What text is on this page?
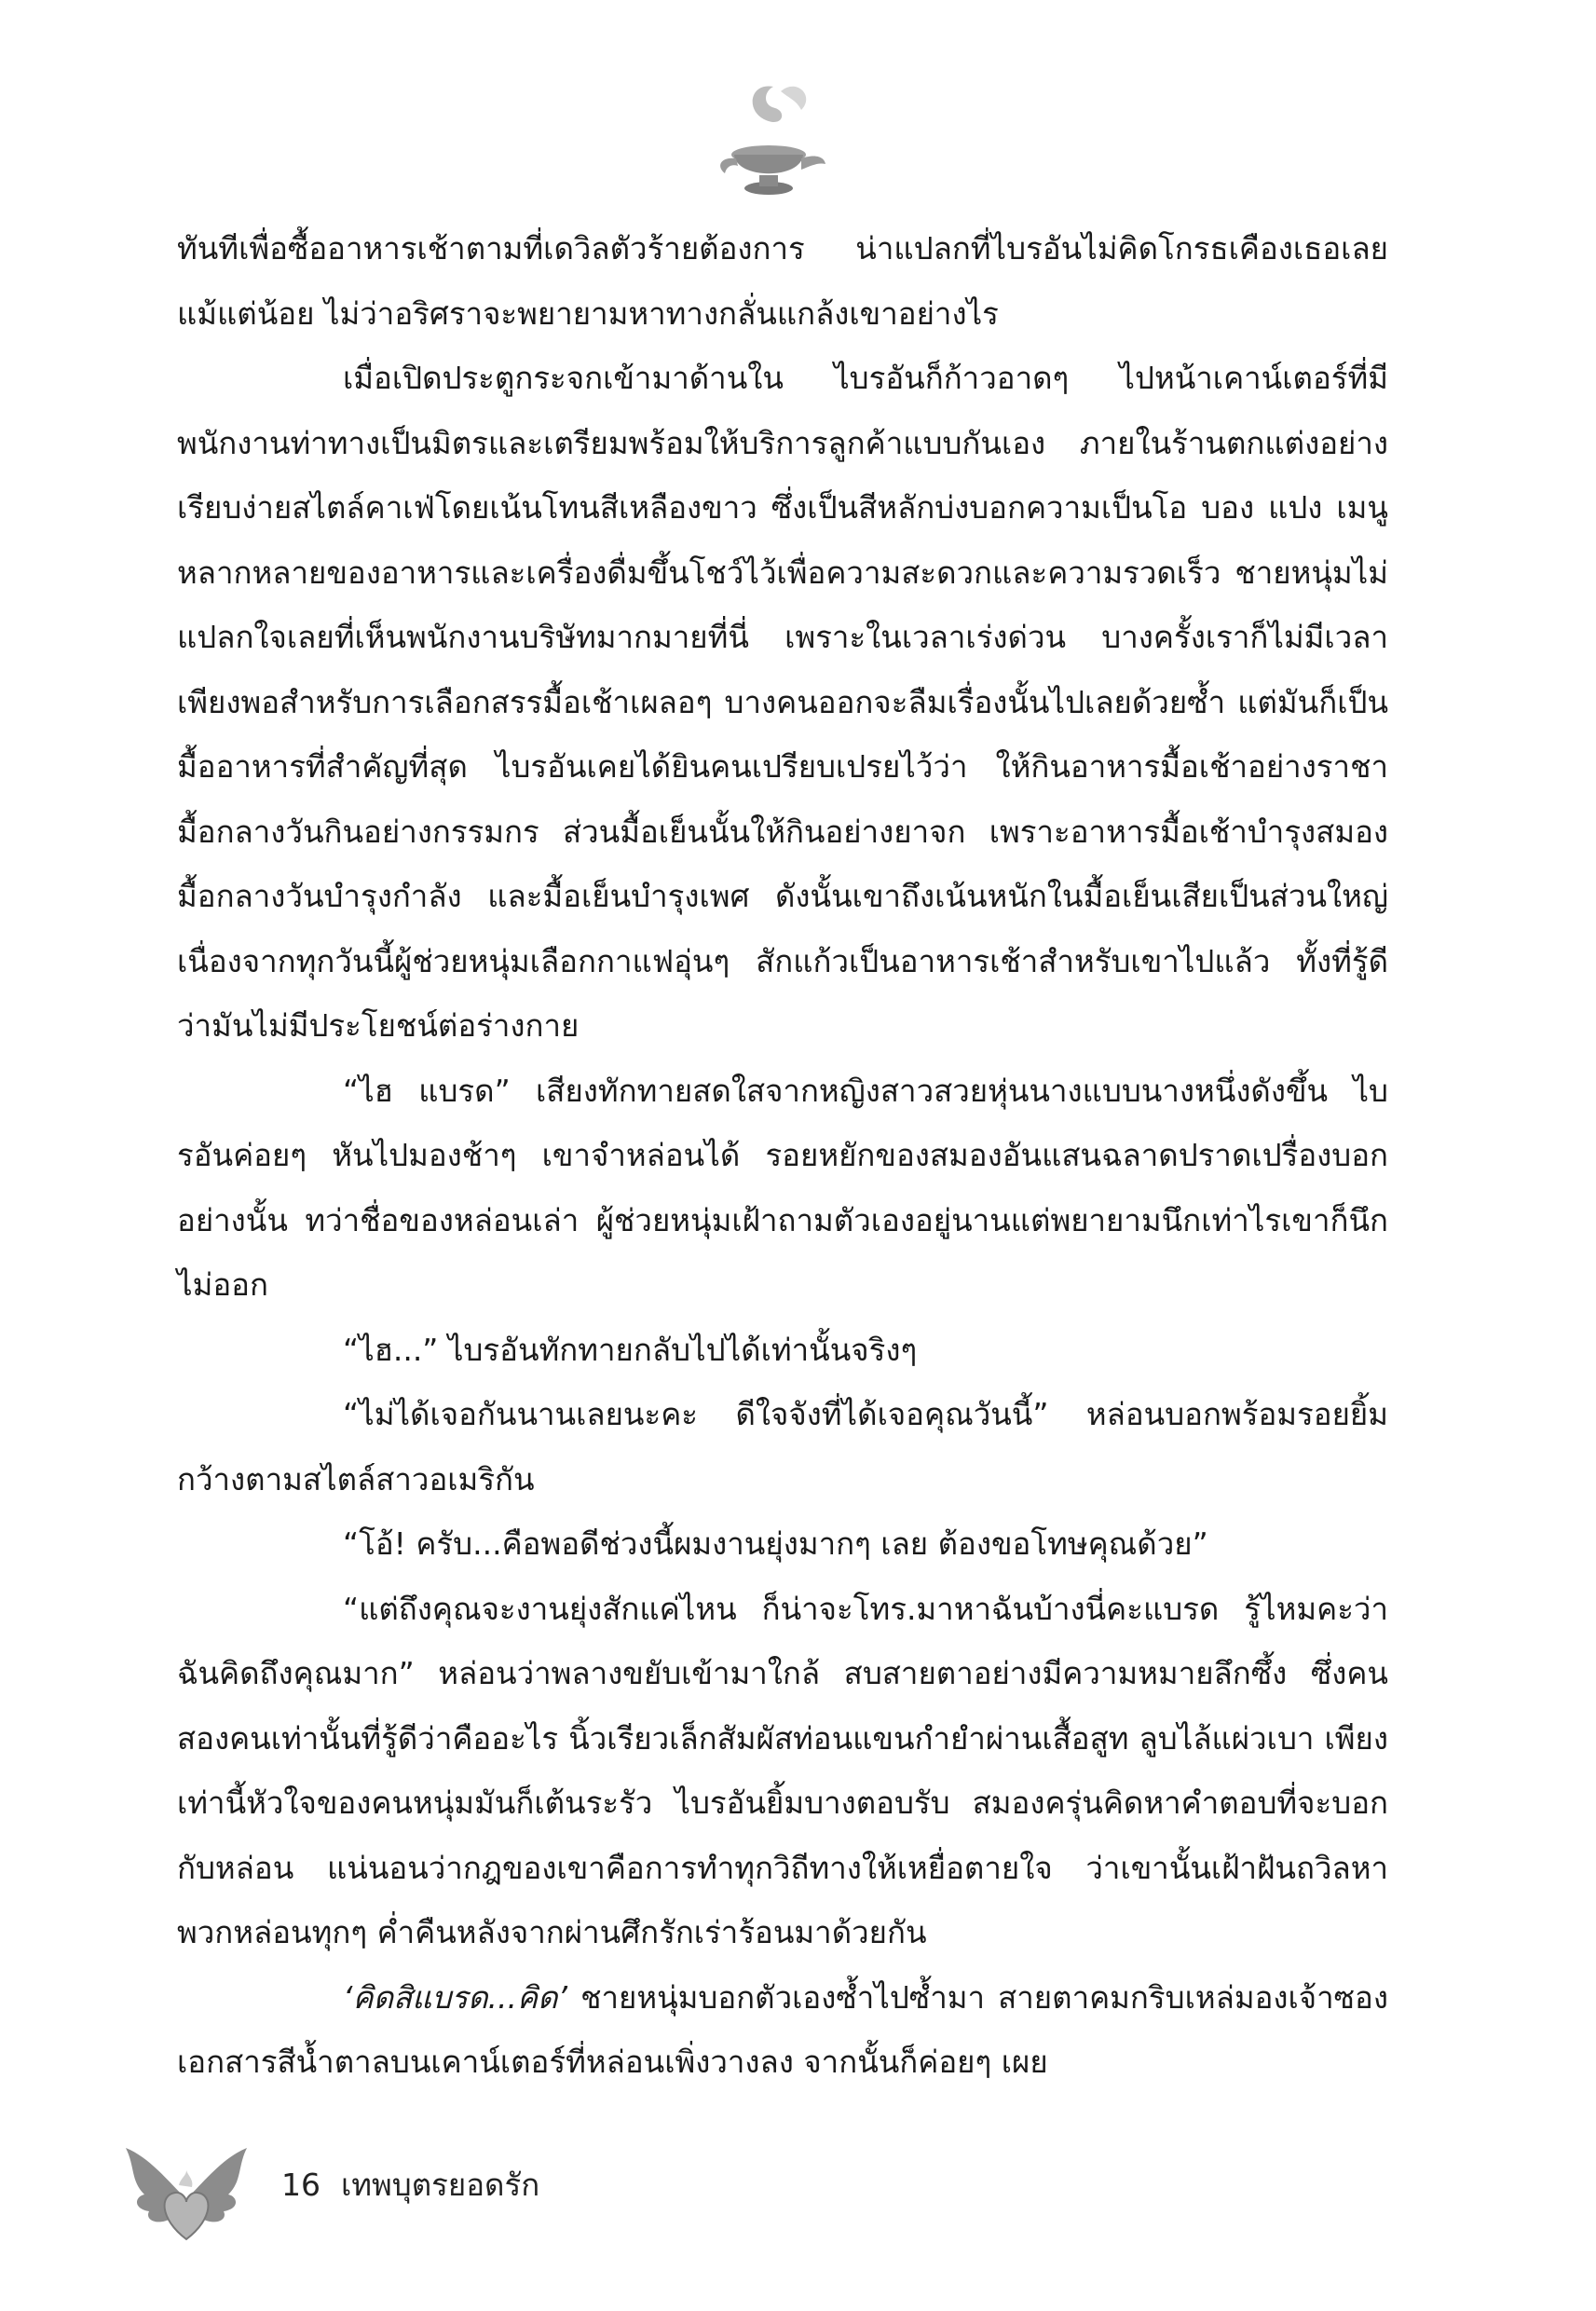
ทันทีเพื่อซื้ออาหารเช้าตามที่เดวิลตัวร้ายต้องการ น่าแปลกที่ไบรอันไม่คิดโกรธเคืองเธอเลยแม้แต่น้อย ไม่ว่าอริศราจะพยายามหาทางกลั่นแกล้งเขาอย่างไร

เมื่อเปิดประตูกระจกเข้ามาด้านใน ไบรอันก็ก้าวอาดๆ ไปหน้าเคาน์เตอร์ที่มีพนักงานท่าทางเป็นมิตรและเตรียมพร้อมให้บริการลูกค้าแบบกันเอง ภายในร้านตกแต่งอย่างเรียบง่ายสไตล์คาเฟ่โดยเน้นโทนสีเหลืองขาว ซึ่งเป็นสีหลักบ่งบอกความเป็นโอ บอง แปง เมนูหลากหลายของอาหารและเครื่องดื่มขึ้นโชว์ไว้เพื่อความสะดวกและความรวดเร็ว ชายหนุ่มไม่แปลกใจเลยที่เห็นพนักงานบริษัทมากมายที่นี่ เพราะในเวลาเร่งด่วน บางครั้งเราก็ไม่มีเวลาเพียงพอสำหรับการเลือกสรรมื้อเช้าเผลอๆ บางคนออกจะลืมเรื่องนั้นไปเลยด้วยซ้ำ แต่มันก็เป็นมื้ออาหารที่สำคัญที่สุด ไบรอันเคยได้ยินคนเปรียบเปรยไว้ว่า ให้กินอาหารมื้อเช้าอย่างราชา มื้อกลางวันกินอย่างกรรมกร ส่วนมื้อเย็นนั้นให้กินอย่างยาจก เพราะอาหารมื้อเช้าบำรุงสมอง มื้อกลางวันบำรุงกำลัง และมื้อเย็นบำรุงเพศ ดังนั้นเขาถึงเน้นหนักในมื้อเย็นเสียเป็นส่วนใหญ่ เนื่องจากทุกวันนี้ผู้ช่วยหนุ่มเลือกกาแฟอุ่นๆ สักแก้วเป็นอาหารเช้าสำหรับเขาไปแล้ว ทั้งที่รู้ดีว่ามันไม่มีประโยชน์ต่อร่างกาย

“ไฮ แบรด” เสียงทักทายสดใสจากหญิงสาวสวยหุ่นนางแบบนางหนึ่งดังขึ้น ไบรอันค่อยๆ หันไปมองช้าๆ เขาจำหล่อนได้ รอยหยักของสมองอันแสนฉลาดปราดเปรื่องบอกอย่างนั้น ทว่าชื่อของหล่อนเล่า ผู้ช่วยหนุ่มเฝ้าถามตัวเองอยู่นานแต่พยายามนึกเท่าไรเขาก็นึกไม่ออก

“ไฮ...” ไบรอันทักทายกลับไปได้เท่านั้นจริงๆ

“ไม่ได้เจอกันนานเลยนะคะ ดีใจจังที่ได้เจอคุณวันนี้” หล่อนบอกพร้อมรอยยิ้มกว้างตามสไตล์สาวอเมริกัน

“โอ้! ครับ...คือพอดีช่วงนี้ผมงานยุ่งมากๆ เลย ต้องขอโทษคุณด้วย”

“แต่ถึงคุณจะงานยุ่งสักแค่ไหน ก็น่าจะโทร.มาหาฉันบ้างนี่คะแบรด รู้ไหมคะว่าฉันคิดถึงคุณมาก” หล่อนว่าพลางขยับเข้ามาใกล้ สบสายตาอย่างมีความหมายลึกซึ้ง ซึ่งคนสองคนเท่านั้นที่รู้ดีว่าคืออะไร นิ้วเรียวเล็กสัมผัสท่อนแขนกำยำผ่านเสื้อสูท ลูบไล้แผ่วเบา เพียงเท่านี้หัวใจของคนหนุ่มมันก็เต้นระรัว ไบรอันยิ้มบางตอบรับ สมองครุ่นคิดหาคำตอบที่จะบอกกับหล่อน แน่นอนว่ากฎของเขาคือการทำทุกวิถีทางให้เหยื่อตายใจ ว่าเขานั้นเฝ้าฝันถวิลหาพวกหล่อนทุกๆ ค่ำคืนหลังจากผ่านศึกรักเร่าร้อนมาด้วยกัน

‘คิดสิแบรด...คิด’ ชายหนุ่มบอกตัวเองซ้ำไปซ้ำมา สายตาคมกริบเหล่มองเจ้าซองเอกสารสีน้ำตาลบนเคาน์เตอร์ที่หล่อนเพิ่งวางลง จากนั้นก็ค่อยๆ เผย

16 เทพบุตรยอดรัก
